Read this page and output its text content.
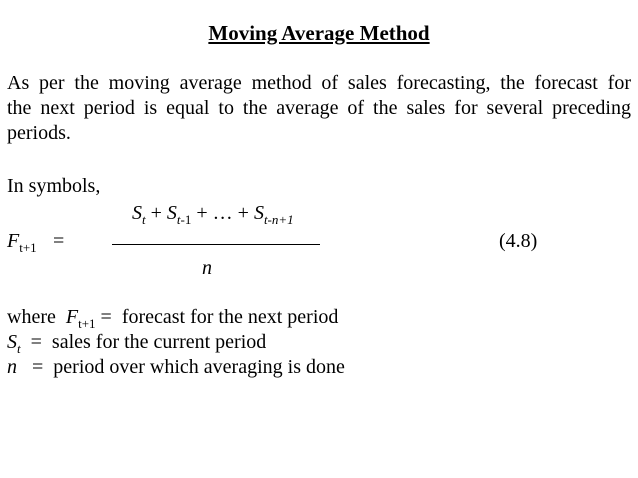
Moving Average Method
As per the moving average method of sales forecasting, the forecast for
the next period is equal to the average of the sales for several preceding
periods.
In symbols,
$S_t + S_{t-1}$ + … + $S_{t-n+1}$
$F_{t+1}$ =
n
(4.8)
where $F_{t+1}$ =  forecast for the next period
$S_t$  =  sales for the current period
n   =  period over which averaging is done
